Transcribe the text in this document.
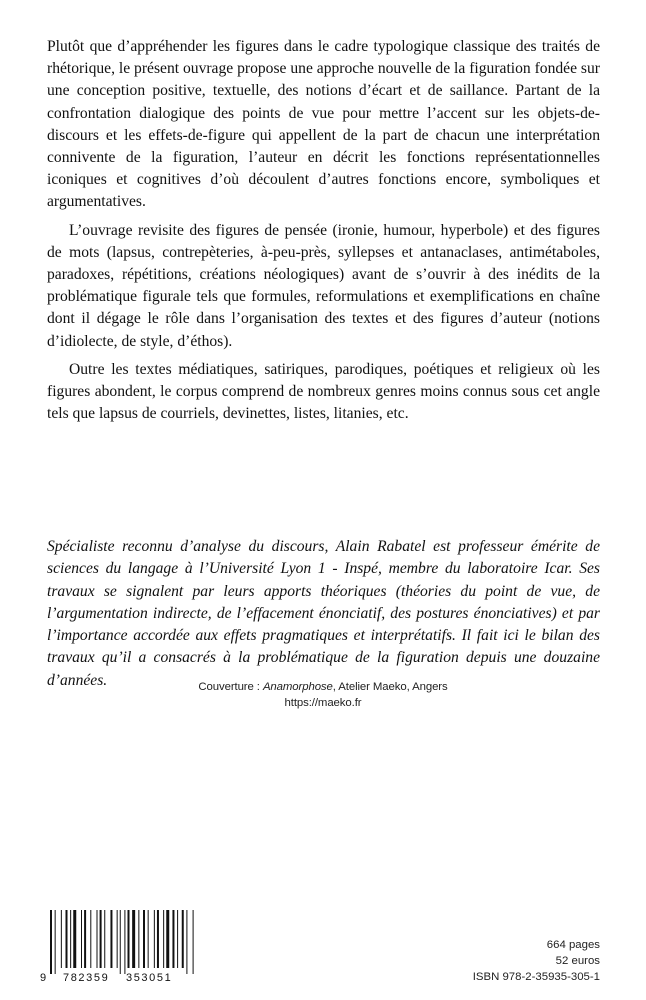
Plutôt que d’appréhender les figures dans le cadre typologique classique des traités de rhétorique, le présent ouvrage propose une approche nouvelle de la figuration fondée sur une conception positive, textuelle, des notions d’écart et de saillance. Partant de la confrontation dialogique des points de vue pour mettre l’accent sur les objets-de-discours et les effets-de-figure qui appellent de la part de chacun une interprétation connivente de la figuration, l’auteur en décrit les fonctions représentationnelles iconiques et cognitives d’où découlent d’autres fonctions encore, symboliques et argumentatives.

L’ouvrage revisite des figures de pensée (ironie, humour, hyperbole) et des figures de mots (lapsus, contrepèteries, à-peu-près, syllepses et antanaclases, antimétaboles, paradoxes, répétitions, créations néologiques) avant de s’ouvrir à des inédits de la problématique figurale tels que formules, reformulations et exemplifications en chaîne dont il dégage le rôle dans l’organisation des textes et des figures d’auteur (notions d’idiolecte, de style, d’éthos).

Outre les textes médiatiques, satiriques, parodiques, poétiques et religieux où les figures abondent, le corpus comprend de nombreux genres moins connus sous cet angle tels que lapsus de courriels, devinettes, listes, litanies, etc.

Spécialiste reconnu d’analyse du discours, Alain Rabatel est professeur émérite de sciences du langage à l’Université Lyon 1 - Inspé, membre du laboratoire Icar. Ses travaux se signalent par leurs apports théoriques (théories du point de vue, de l’argumentation indirecte, de l’effacement énonciatif, des postures énonciatives) et par l’importance accordée aux effets pragmatiques et interprétatifs. Il fait ici le bilan des travaux qu’il a consacrés à la problématique de la figuration depuis une douzaine d’années.	Couverture : Anamorphose, Atelier Maeko, Angers
https://maeko.fr
9 782359 353051
664 pages
52 euros
ISBN 978-2-35935-305-1
